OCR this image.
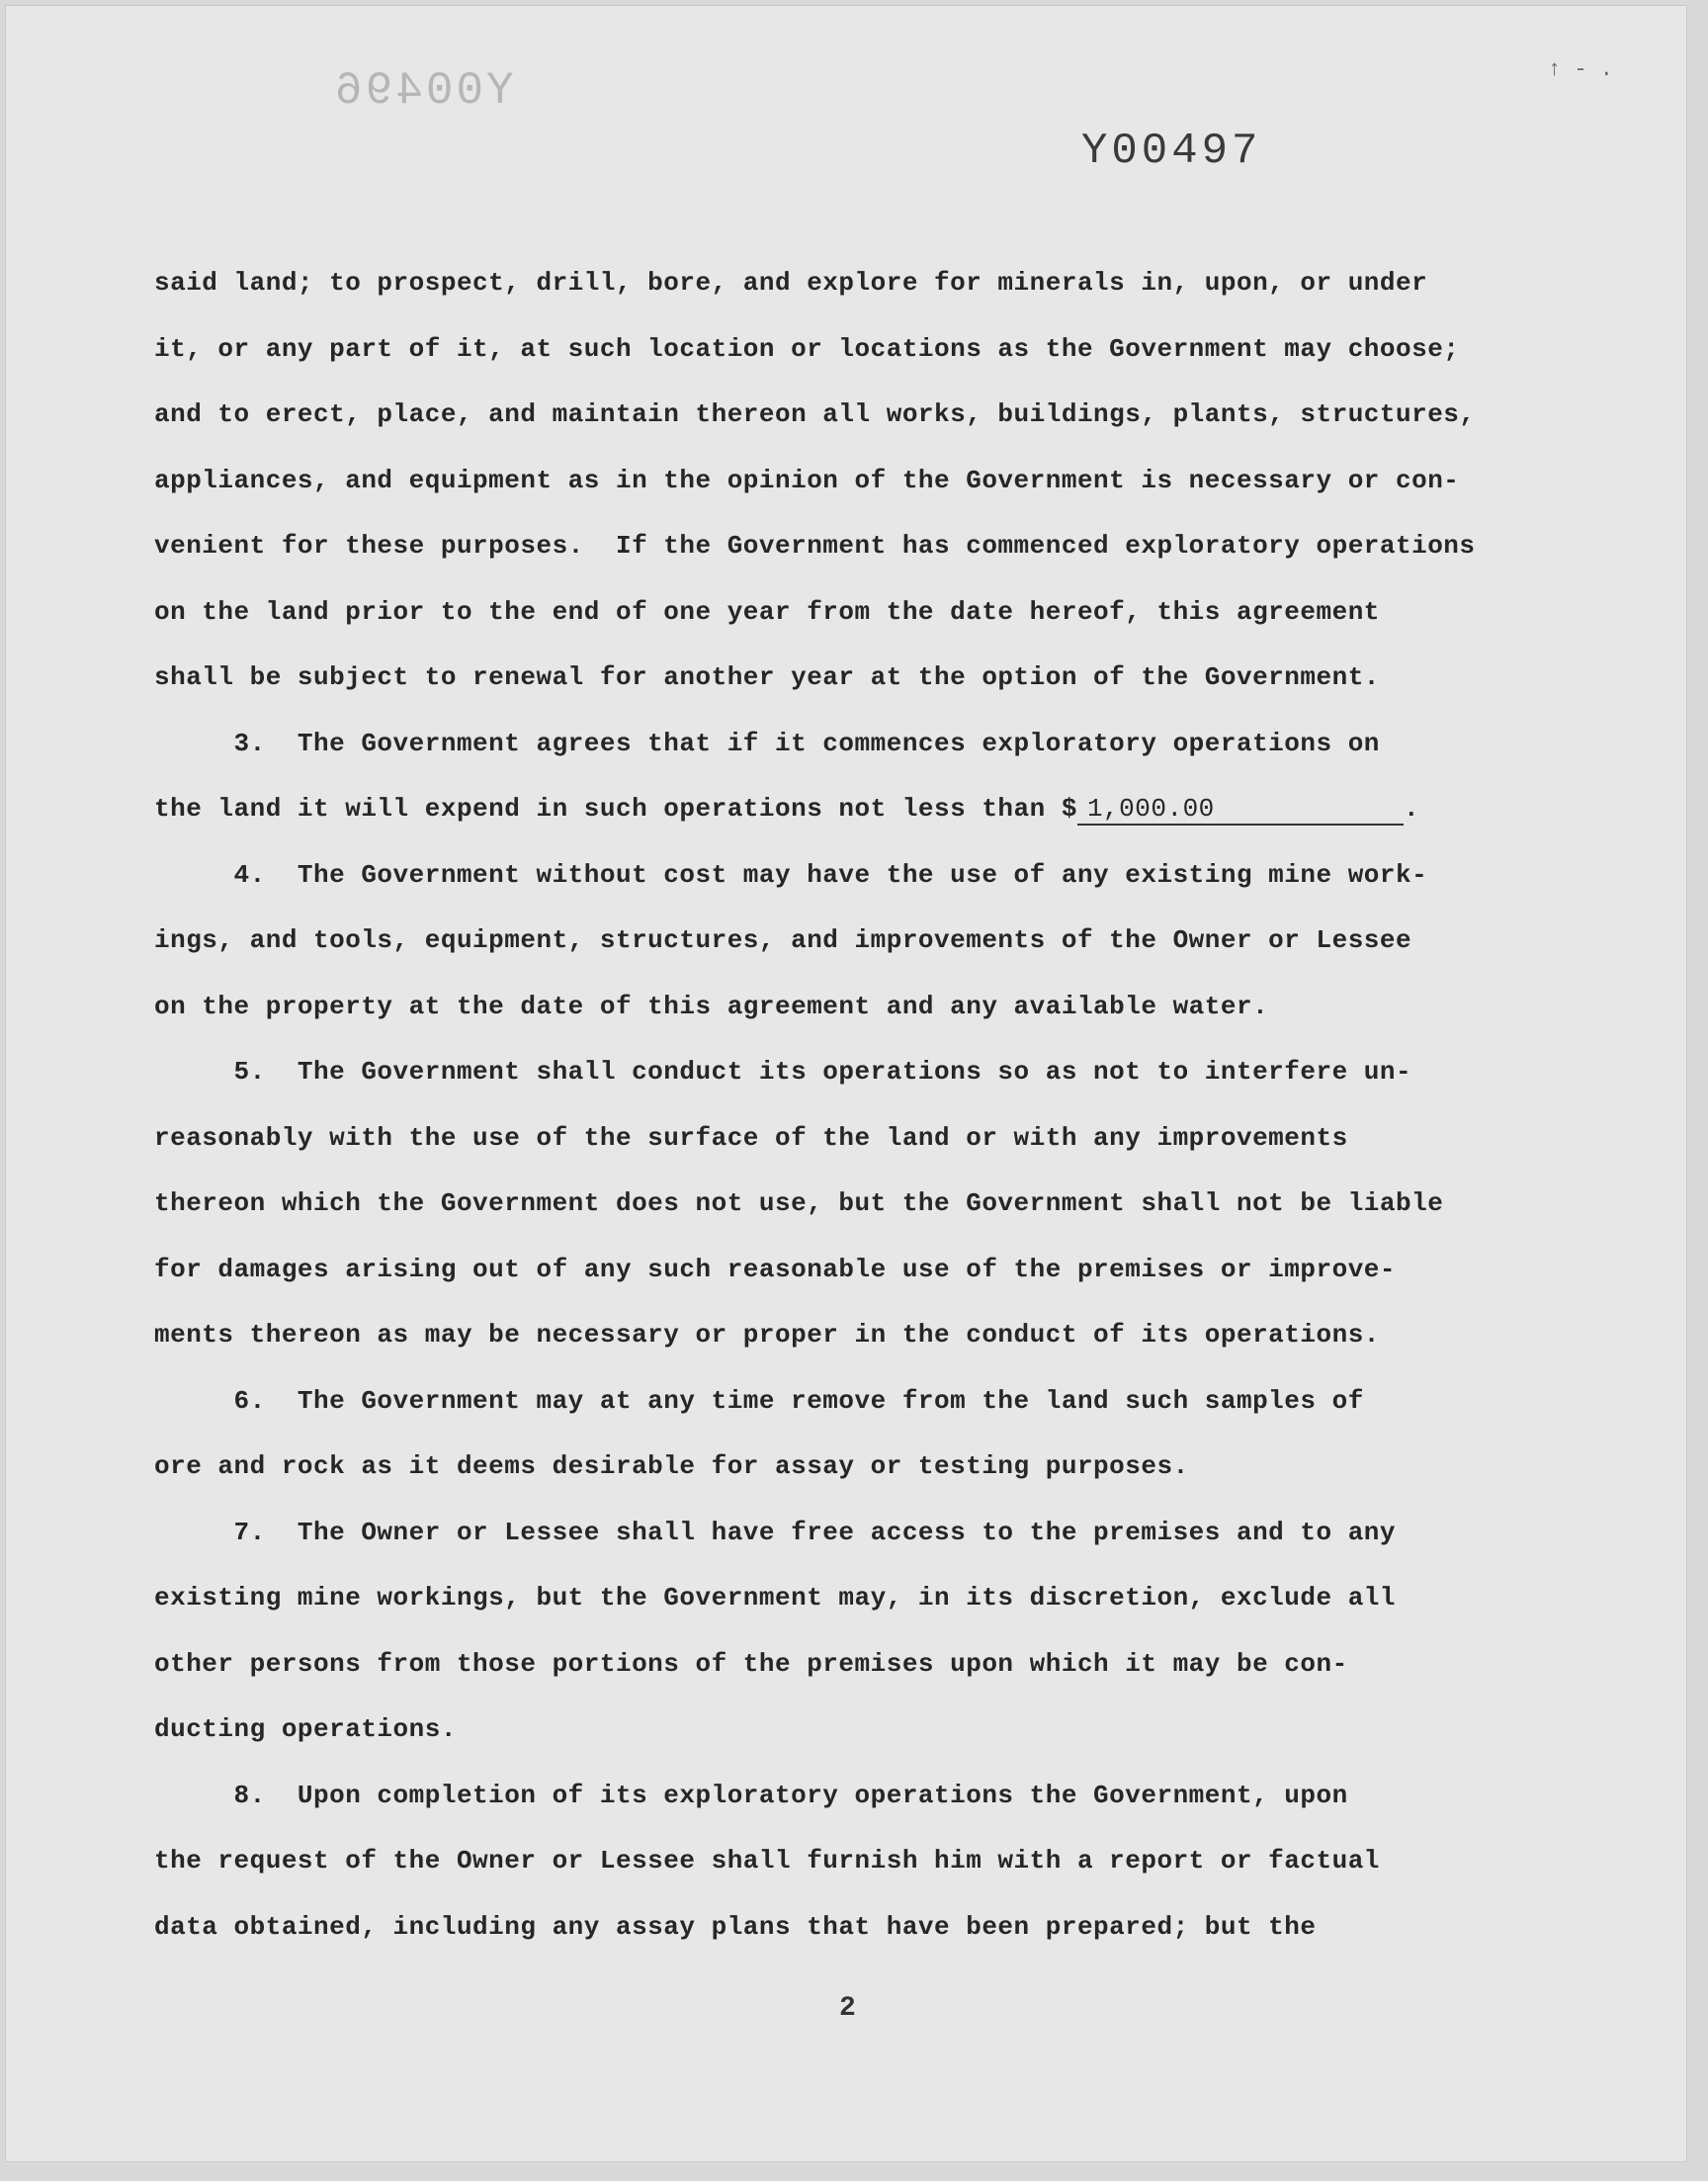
Y00496
Y00497
↑ - .
said land; to prospect, drill, bore, and explore for minerals in, upon, or under
it, or any part of it, at such location or locations as the Government may choose;
and to erect, place, and maintain thereon all works, buildings, plants, structures,
appliances, and equipment as in the opinion of the Government is necessary or con-
venient for these purposes.  If the Government has commenced exploratory operations
on the land prior to the end of one year from the date hereof, this agreement
shall be subject to renewal for another year at the option of the Government.
3.  The Government agrees that if it commences exploratory operations on
the land it will expend in such operations not less than $ 1,000.00	.
4.  The Government without cost may have the use of any existing mine work-
ings, and tools, equipment, structures, and improvements of the Owner or Lessee
on the property at the date of this agreement and any available water.
5.  The Government shall conduct its operations so as not to interfere un-
reasonably with the use of the surface of the land or with any improvements
thereon which the Government does not use, but the Government shall not be liable
for damages arising out of any such reasonable use of the premises or improve-
ments thereon as may be necessary or proper in the conduct of its operations.
6.  The Government may at any time remove from the land such samples of
ore and rock as it deems desirable for assay or testing purposes.
7.  The Owner or Lessee shall have free access to the premises and to any
existing mine workings, but the Government may, in its discretion, exclude all
other persons from those portions of the premises upon which it may be con-
ducting operations.
8.  Upon completion of its exploratory operations the Government, upon
the request of the Owner or Lessee shall furnish him with a report or factual
data obtained, including any assay plans that have been prepared; but the
2
